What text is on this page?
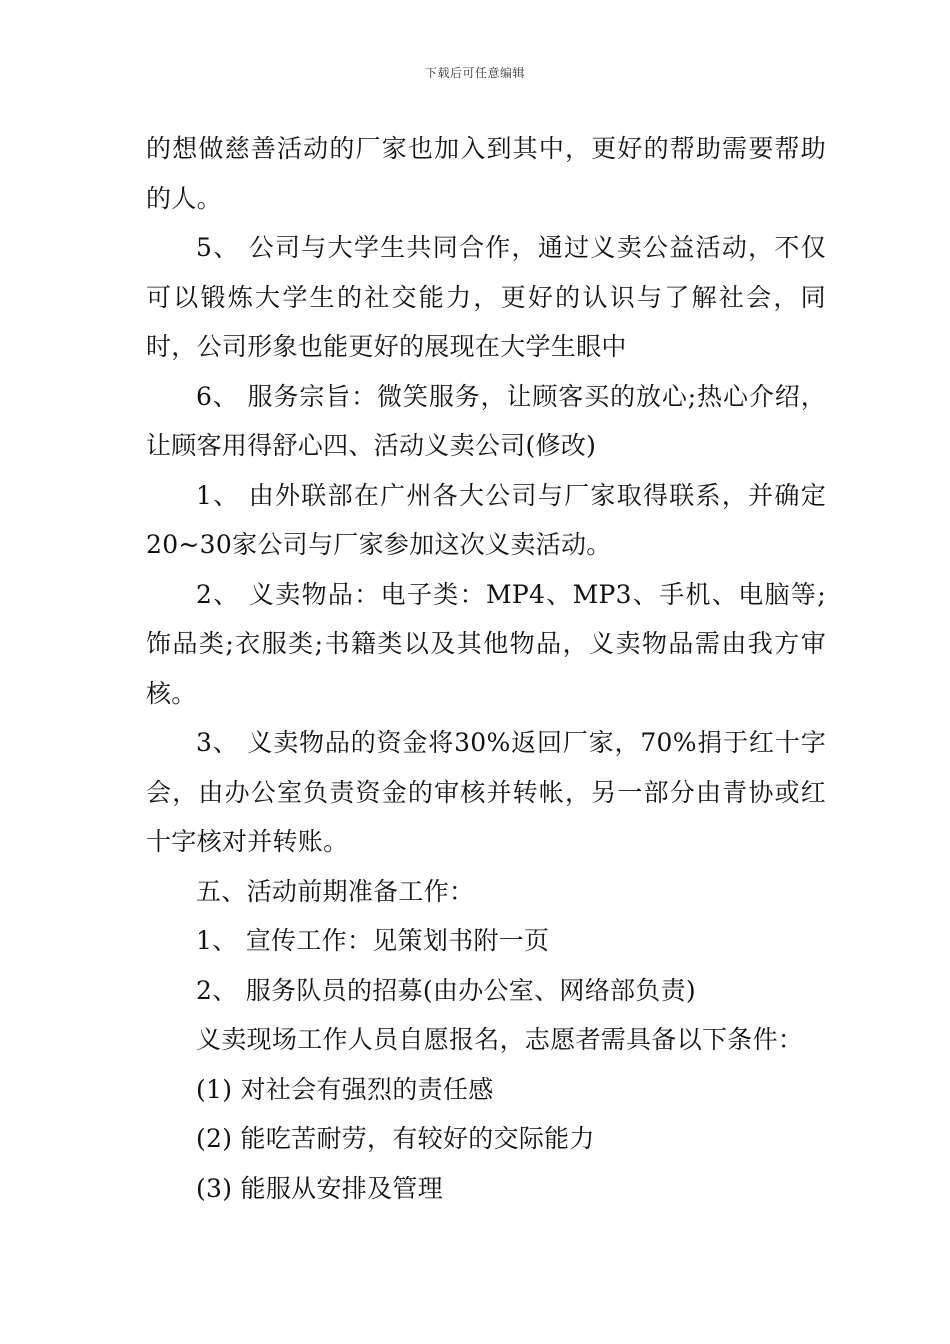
下载后可任意编辑

的想做慈善活动的厂家也加入到其中，更好的帮助需要帮助的人。

5、 公司与大学生共同合作，通过义卖公益活动，不仅可以锻炼大学生的社交能力，更好的认识与了解社会，同时，公司形象也能更好的展现在大学生眼中

6、 服务宗旨：微笑服务，让顾客买的放心;热心介绍，让顾客用得舒心四、活动义卖公司(修改)

1、 由外联部在广州各大公司与厂家取得联系，并确定20~30家公司与厂家参加这次义卖活动。

2、 义卖物品：电子类：MP4、MP3、手机、电脑等;饰品类;衣服类;书籍类以及其他物品，义卖物品需由我方审核。

3、 义卖物品的资金将30%返回厂家，70%捐于红十字会，由办公室负责资金的审核并转帐，另一部分由青协或红十字核对并转账。

五、活动前期准备工作：

1、 宣传工作：见策划书附一页

2、 服务队员的招募(由办公室、网络部负责)

义卖现场工作人员自愿报名，志愿者需具备以下条件：

(1) 对社会有强烈的责任感

(2) 能吃苦耐劳，有较好的交际能力

(3) 能服从安排及管理
